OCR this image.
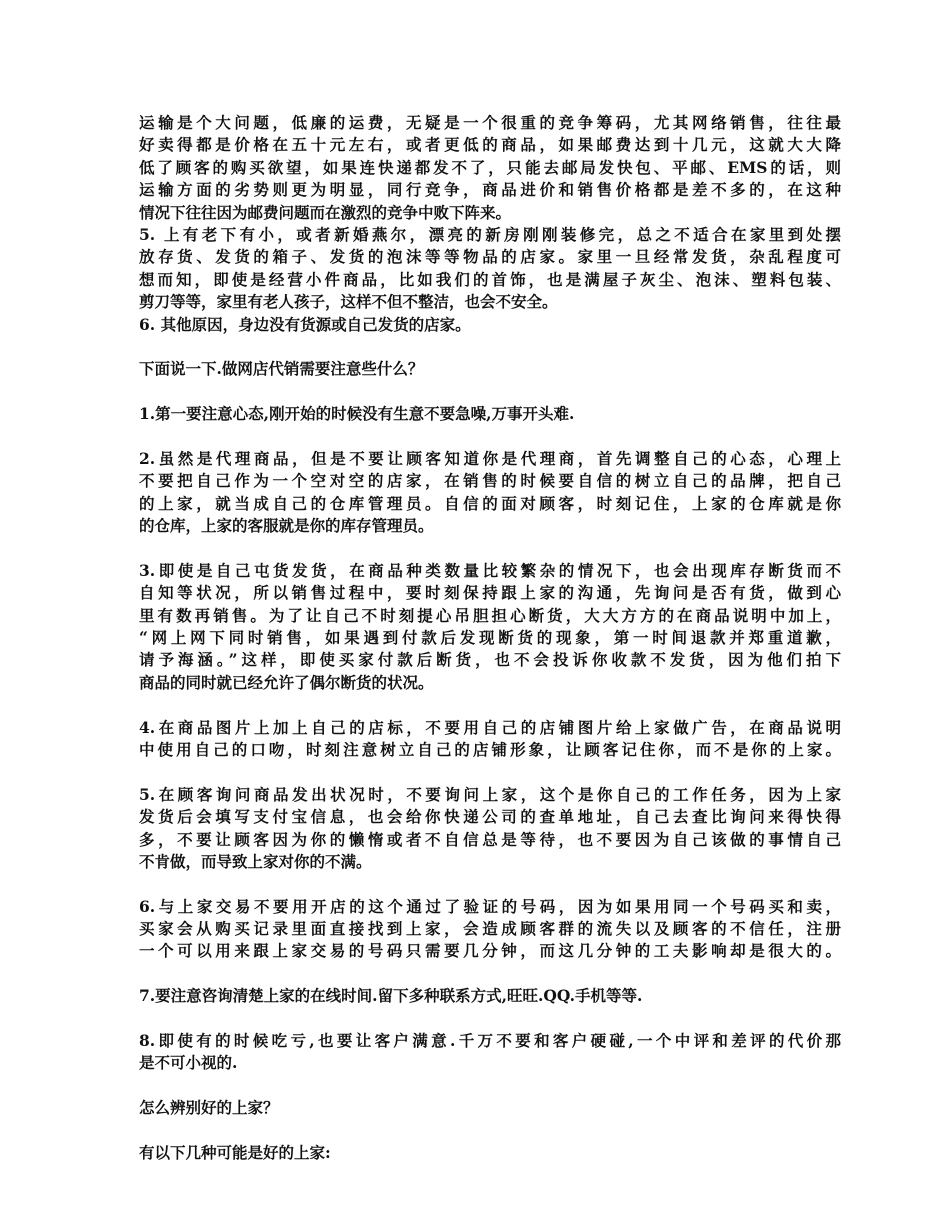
运输是个大问题，低廉的运费，无疑是一个很重的竞争筹码，尤其网络销售，往往最
好卖得都是价格在五十元左右，或者更低的商品，如果邮费达到十几元，这就大大降
低了顾客的购买欲望，如果连快递都发不了，只能去邮局发快包、平邮、EMS的话，则
运输方面的劣势则更为明显，同行竞争，商品进价和销售价格都是差不多的，在这种
情况下往往因为邮费问题而在激烈的竞争中败下阵来。
5. 上有老下有小，或者新婚燕尔，漂亮的新房刚刚装修完，总之不适合在家里到处摆
放存货、发货的箱子、发货的泡沫等等物品的店家。家里一旦经常发货，杂乱程度可
想而知，即使是经营小件商品，比如我们的首饰，也是满屋子灰尘、泡沫、塑料包装、
剪刀等等，家里有老人孩子，这样不但不整洁，也会不安全。
6. 其他原因，身边没有货源或自己发货的店家。
下面说一下.做网店代销需要注意些什么？
1.第一要注意心态,刚开始的时候没有生意不要急噪,万事开头难.
2.虽然是代理商品，但是不要让顾客知道你是代理商，首先调整自己的心态，心理上
不要把自己作为一个空对空的店家，在销售的时候要自信的树立自己的品牌，把自己
的上家，就当成自己的仓库管理员。自信的面对顾客，时刻记住，上家的仓库就是你
的仓库，上家的客服就是你的库存管理员。
3.即使是自己屯货发货，在商品种类数量比较繁杂的情况下，也会出现库存断货而不
自知等状况，所以销售过程中，要时刻保持跟上家的沟通，先询问是否有货，做到心
里有数再销售。为了让自己不时刻提心吊胆担心断货，大大方方的在商品说明中加上，
“网上网下同时销售，如果遇到付款后发现断货的现象，第一时间退款并郑重道歉，
请予海涵。”这样，即使买家付款后断货，也不会投诉你收款不发货，因为他们拍下
商品的同时就已经允许了偶尔断货的状况。
4.在商品图片上加上自己的店标，不要用自己的店铺图片给上家做广告，在商品说明
中使用自己的口吻，时刻注意树立自己的店铺形象，让顾客记住你，而不是你的上家。
5.在顾客询问商品发出状况时，不要询问上家，这个是你自己的工作任务，因为上家
发货后会填写支付宝信息，也会给你快递公司的查单地址，自己去查比询问来得快得
多，不要让顾客因为你的懒惰或者不自信总是等待，也不要因为自己该做的事情自己
不肯做，而导致上家对你的不满。
6.与上家交易不要用开店的这个通过了验证的号码，因为如果用同一个号码买和卖，
买家会从购买记录里面直接找到上家，会造成顾客群的流失以及顾客的不信任，注册
一个可以用来跟上家交易的号码只需要几分钟，而这几分钟的工夫影响却是很大的。
7.要注意咨询清楚上家的在线时间.留下多种联系方式,旺旺.QQ.手机等等.
8.即使有的时候吃亏,也要让客户满意.千万不要和客户硬碰,一个中评和差评的代价那
是不可小视的.
怎么辨别好的上家？
有以下几种可能是好的上家:
